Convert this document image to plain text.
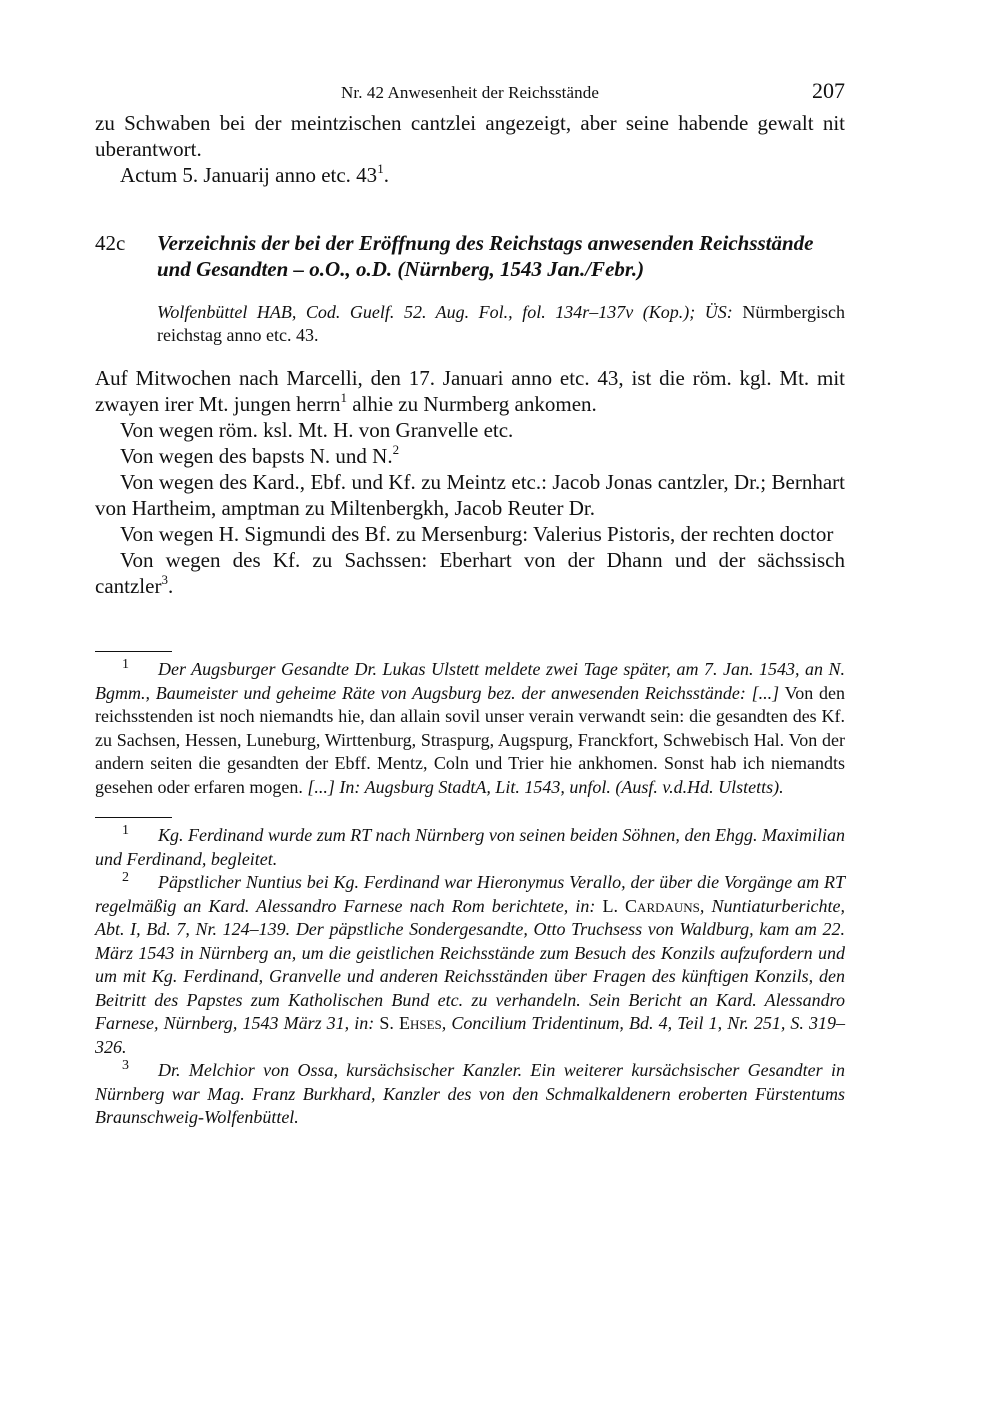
Nr. 42 Anwesenheit der Reichsstände	207

zu Schwaben bei der meintzischen cantzlei angezeigt, aber seine habende gewalt nit uberantwort.

Actum 5. Januarij anno etc. $43^1$.

42c	Verzeichnis der bei der Eröffnung des Reichstags anwesenden Reichsstände und Gesandten – o.O., o.D. (Nürnberg, 1543 Jan./Febr.)
Wolfenbüttel HAB, Cod. Guelf. 52. Aug. Fol., fol. 134r–137v (Kop.); ÜS: Nürmbergisch reichstag anno etc. 43.

Auf Mitwochen nach Marcelli, den 17. Januari anno etc. 43, ist die röm. kgl. Mt. mit zwayen irer Mt. jungen herrn$^1$ alhie zu Nurmberg ankomen.

Von wegen röm. ksl. Mt. H. von Granvelle etc.

Von wegen des bapsts N. und N.$^2$

Von wegen des Kard., Ebf. und Kf. zu Meintz etc.: Jacob Jonas cantzler, Dr.; Bernhart von Hartheim, amptman zu Miltenbergkh, Jacob Reuter Dr.

Von wegen H. Sigmundi des Bf. zu Mersenburg: Valerius Pistoris, der rechten doctor

Von wegen des Kf. zu Sachssen: Eberhart von der Dhann und der sächssisch cantzler$^3$.

1 Der Augsburger Gesandte Dr. Lukas Ulstett meldete zwei Tage später, am 7. Jan. 1543, an N. Bgmm., Baumeister und geheime Räte von Augsburg bez. der anwesenden Reichsstände: [...] Von den reichsstenden ist noch niemandts hie, dan allain sovil unser verain verwandt sein: die gesandten des Kf. zu Sachsen, Hessen, Luneburg, Wirttenburg, Straspurg, Augspurg, Franckfort, Schwebisch Hal. Von der andern seiten die gesandten der Ebff. Mentz, Coln und Trier hie ankhomen. Sonst hab ich niemandts gesehen oder erfaren mogen. [...] In: Augsburg StadtA, Lit. 1543, unfol. (Ausf. v.d.Hd. Ulstetts).

1 Kg. Ferdinand wurde zum RT nach Nürnberg von seinen beiden Söhnen, den Ehgg. Maximilian und Ferdinand, begleitet.

2 Päpstlicher Nuntius bei Kg. Ferdinand war Hieronymus Verallo, der über die Vorgänge am RT regelmäßig an Kard. Alessandro Farnese nach Rom berichtete, in: L. Cardauns, Nuntiaturberichte, Abt. I, Bd. 7, Nr. 124–139. Der päpstliche Sondergesandte, Otto Truchsess von Waldburg, kam am 22. März 1543 in Nürnberg an, um die geistlichen Reichsstände zum Besuch des Konzils aufzufordern und um mit Kg. Ferdinand, Granvelle und anderen Reichsständen über Fragen des künftigen Konzils, den Beitritt des Papstes zum Katholischen Bund etc. zu verhandeln. Sein Bericht an Kard. Alessandro Farnese, Nürnberg, 1543 März 31, in: S. Ehses, Concilium Tridentinum, Bd. 4, Teil 1, Nr. 251, S. 319–326.

3 Dr. Melchior von Ossa, kursächsischer Kanzler. Ein weiterer kursächsischer Gesandter in Nürnberg war Mag. Franz Burkhard, Kanzler des von den Schmalkaldenern eroberten Fürstentums Braunschweig-Wolfenbüttel.
